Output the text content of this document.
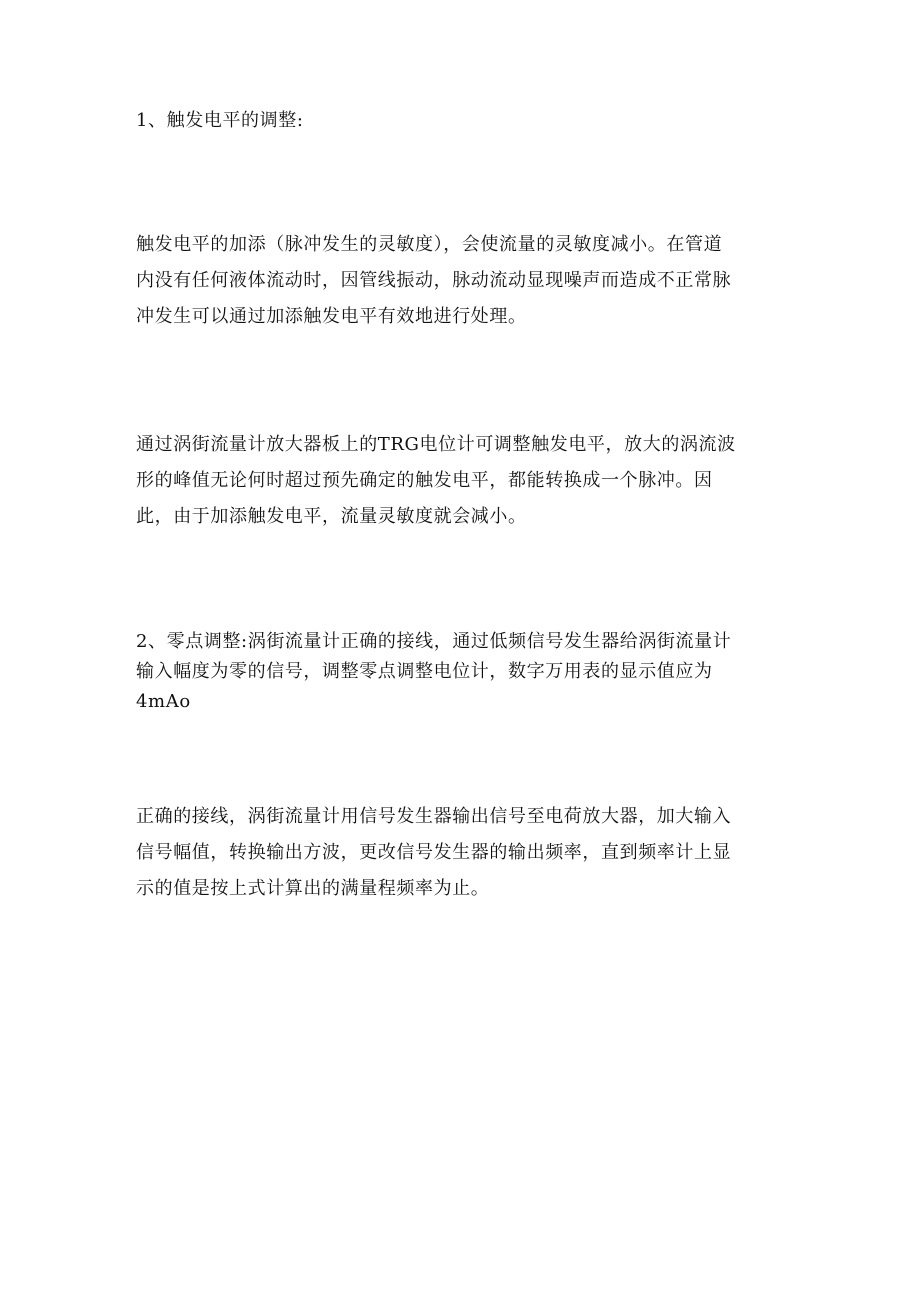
1、触发电平的调整:

触发电平的加添（脉冲发生的灵敏度），会使流量的灵敏度减小。在管道
内没有任何液体流动时，因管线振动，脉动流动显现噪声而造成不正常脉
冲发生可以通过加添触发电平有效地进行处理。

通过涡街流量计放大器板上的TRG电位计可调整触发电平，放大的涡流波
形的峰值无论何时超过预先确定的触发电平，都能转换成一个脉冲。因
此，由于加添触发电平，流量灵敏度就会减小。

2、零点调整:涡街流量计正确的接线，通过低频信号发生器给涡街流量计
输入幅度为零的信号，调整零点调整电位计，数字万用表的显示值应为
4mAo

正确的接线，涡街流量计用信号发生器输出信号至电荷放大器，加大输入
信号幅值，转换输出方波，更改信号发生器的输出频率，直到频率计上显
示的值是按上式计算出的满量程频率为止。
